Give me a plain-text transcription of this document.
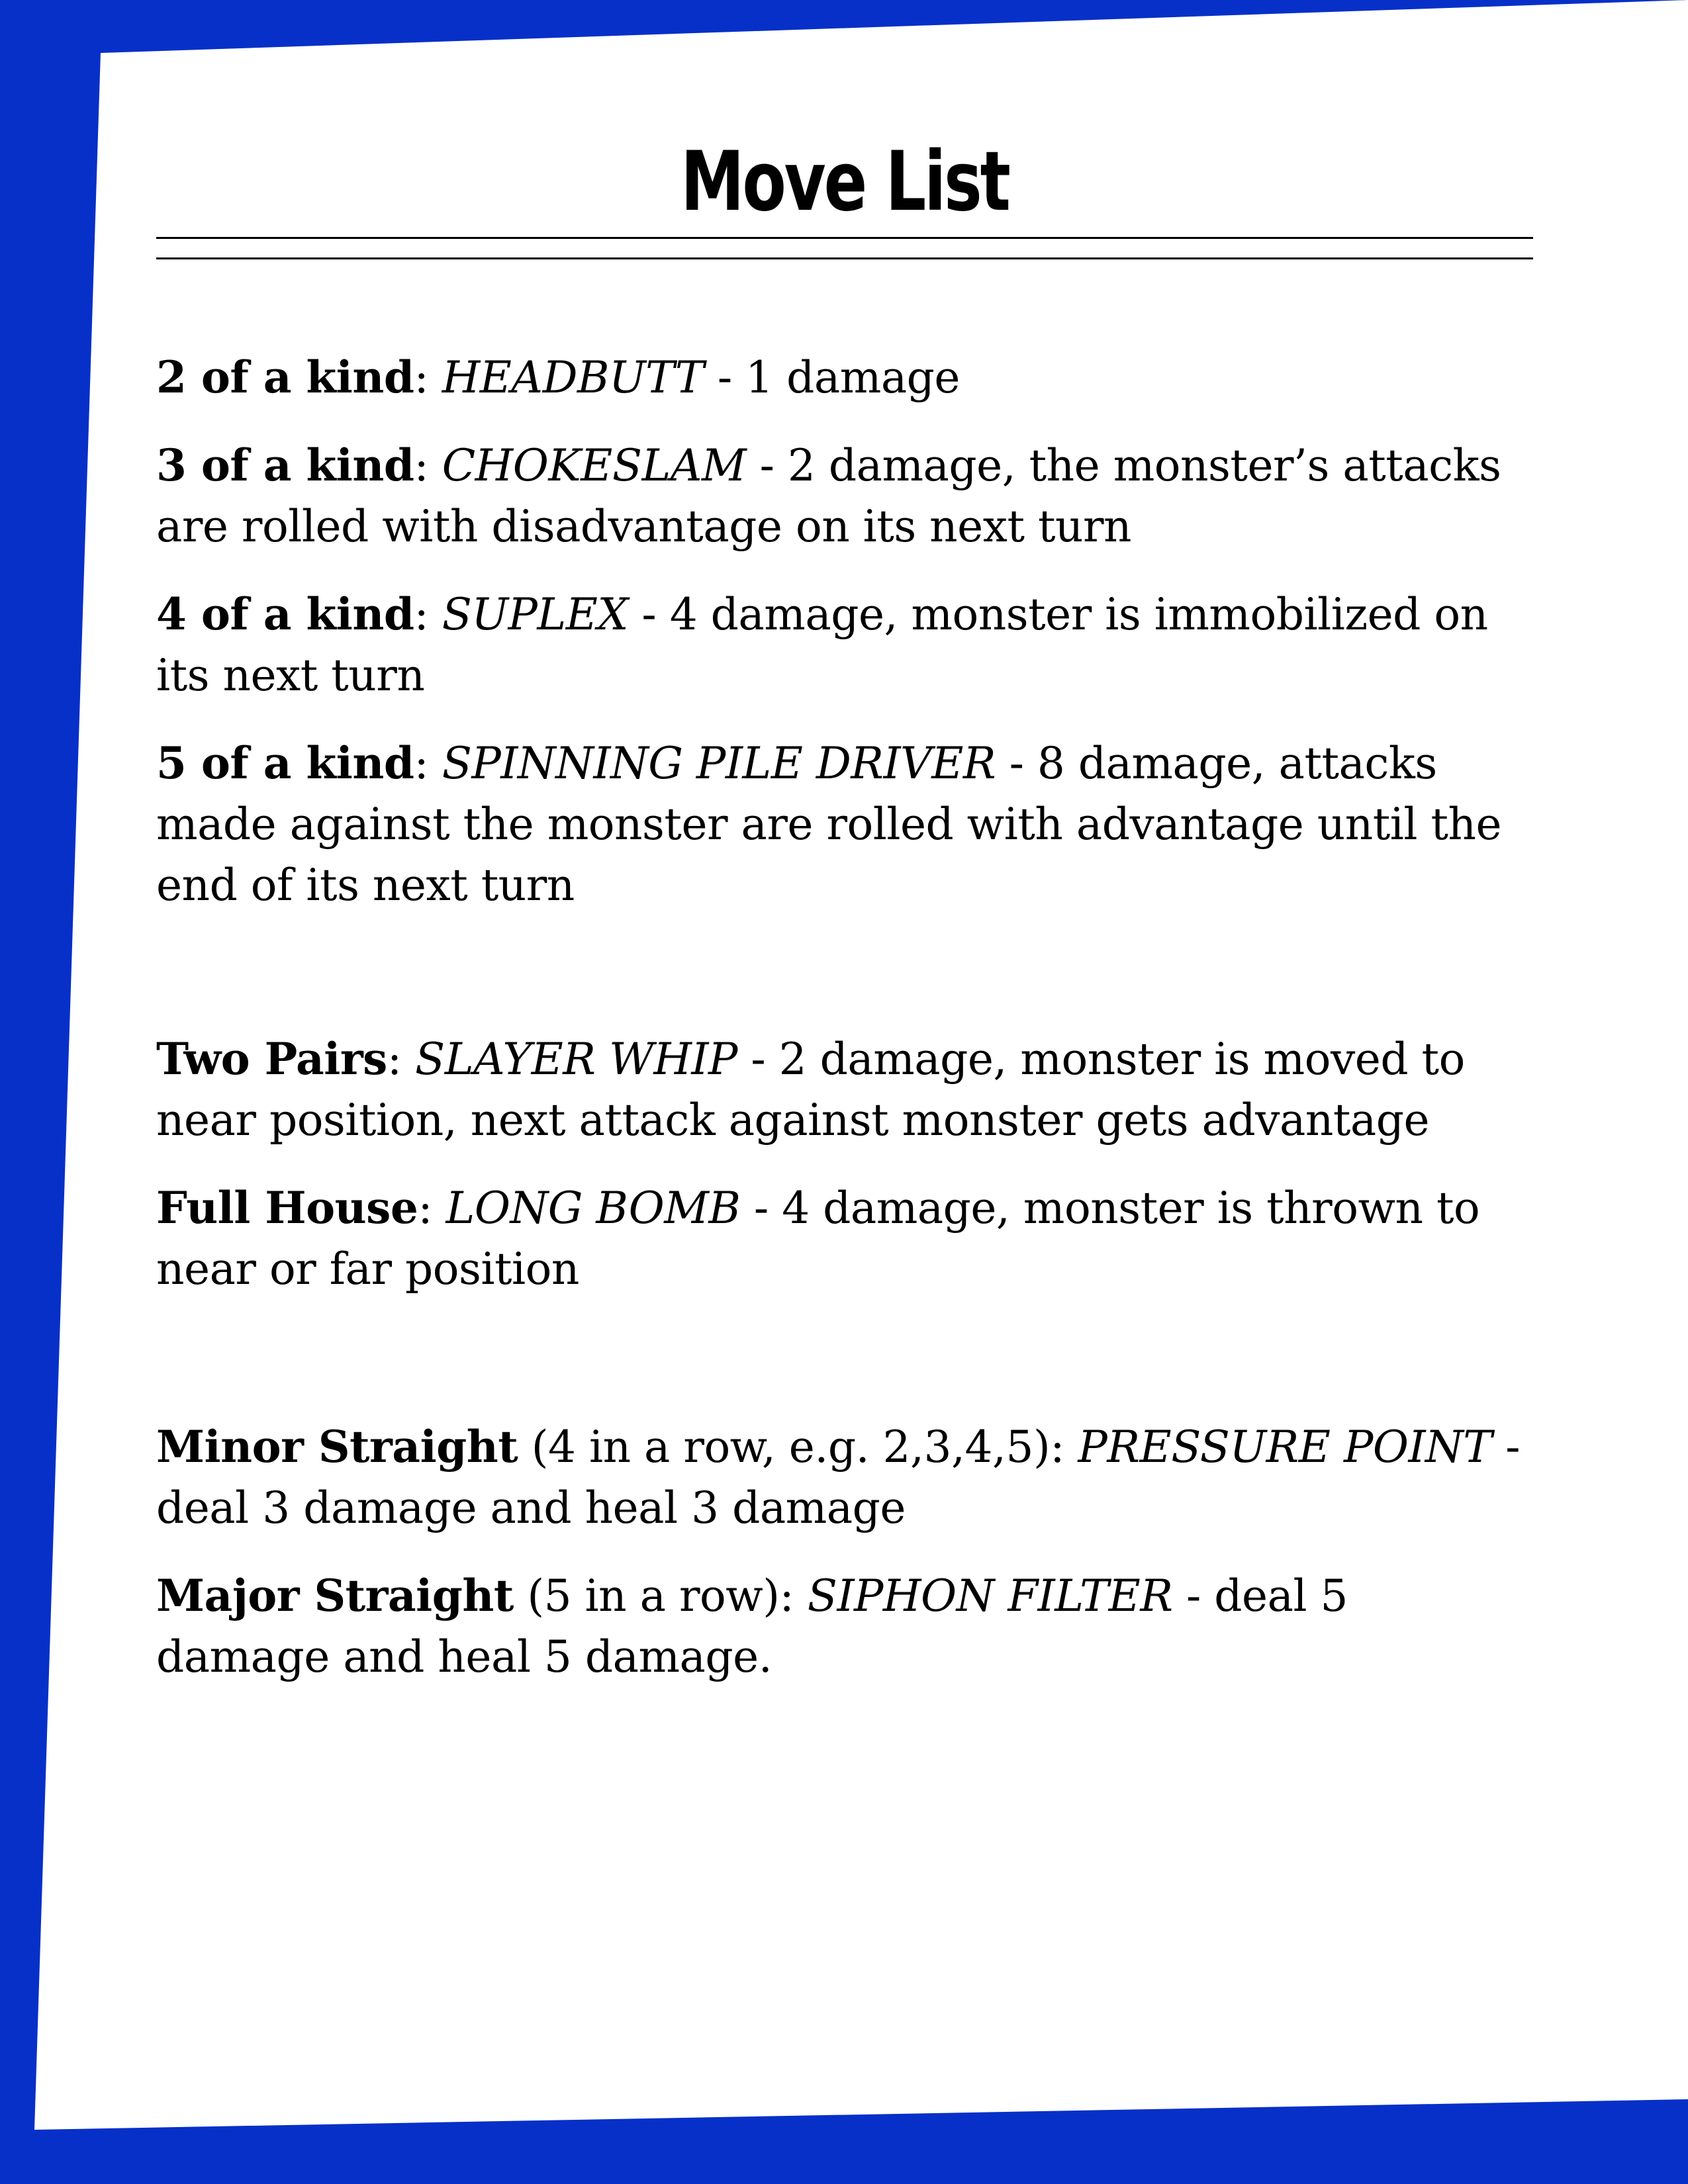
Move List

2 of a kind: HEADBUTT - 1 damage

3 of a kind: CHOKESLAM - 2 damage, the monster’s attacks are rolled with disadvantage on its next turn

4 of a kind: SUPLEX - 4 damage, monster is immobilized on its next turn

5 of a kind: SPINNING PILE DRIVER - 8 damage, attacks made against the monster are rolled with advantage until the end of its next turn

Two Pairs: SLAYER WHIP - 2 damage, monster is moved to near position, next attack against monster gets advantage

Full House: LONG BOMB - 4 damage, monster is thrown to near or far position

Minor Straight (4 in a row, e.g. 2,3,4,5): PRESSURE POINT - deal 3 damage and heal 3 damage

Major Straight (5 in a row): SIPHON FILTER - deal 5 damage and heal 5 damage.
